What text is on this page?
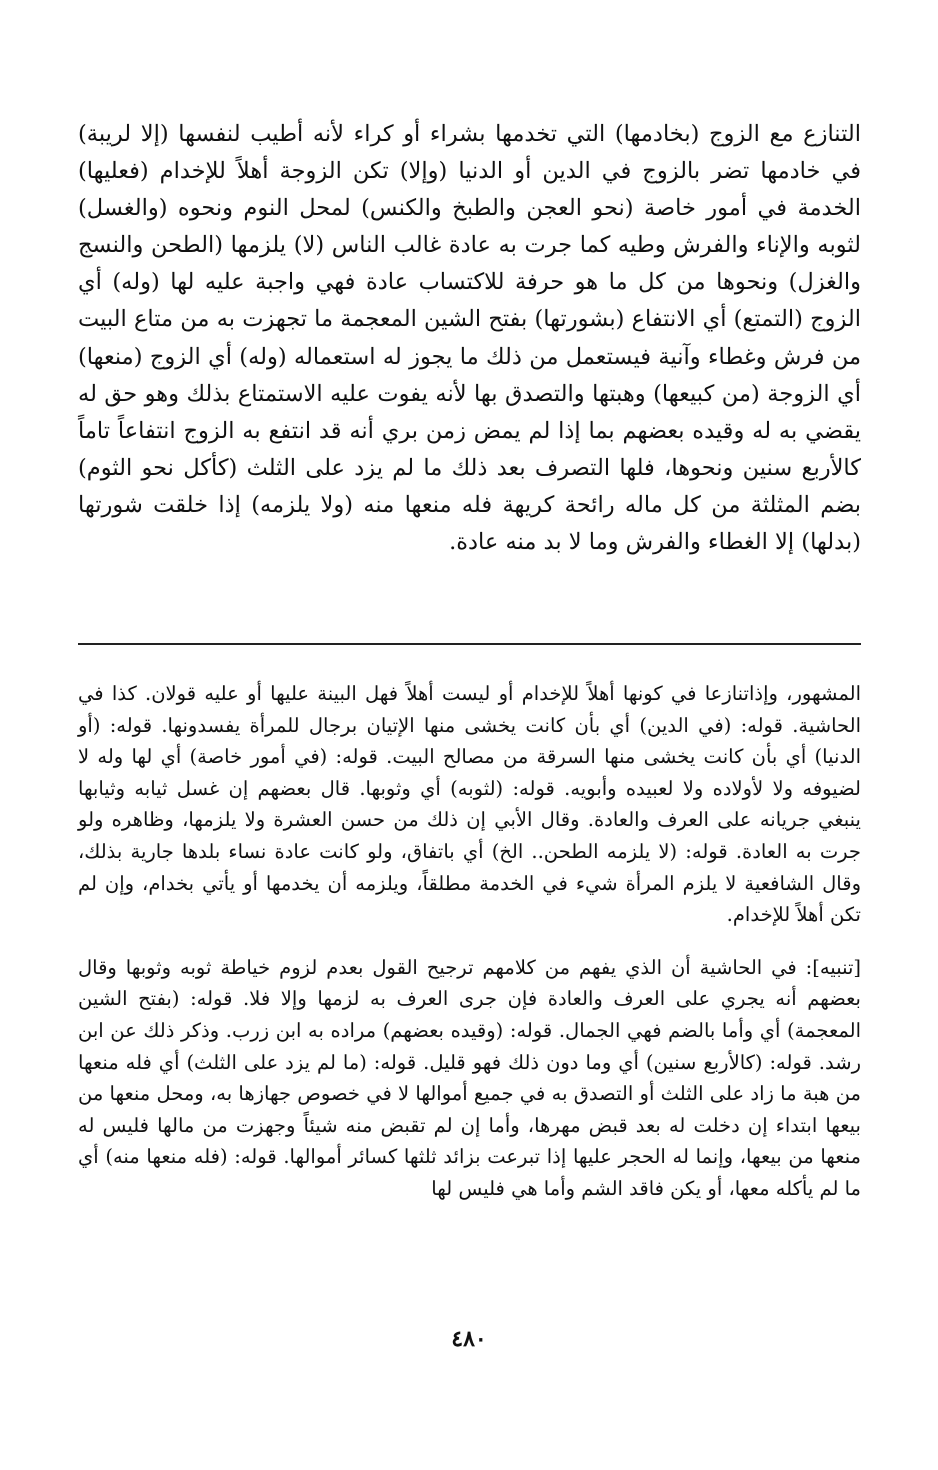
التنازع مع الزوج (بخادمها) التي تخدمها بشراء أو كراء لأنه أطيب لنفسها (إلا لريبة) في خادمها تضر بالزوج في الدين أو الدنيا (وإلا) تكن الزوجة أهلاً للإخدام (فعليها) الخدمة في أمور خاصة (نحو العجن والطبخ والكنس) لمحل النوم ونحوه (والغسل) لثوبه والإناء والفرش وطيه كما جرت به عادة غالب الناس (لا) يلزمها (الطحن والنسج والغزل) ونحوها من كل ما هو حرفة للاكتساب عادة فهي واجبة عليه لها (وله) أي الزوج (التمتع) أي الانتفاع (بشورتها) بفتح الشين المعجمة ما تجهزت به من متاع البيت من فرش وغطاء وآنية فيستعمل من ذلك ما يجوز له استعماله (وله) أي الزوج (منعها) أي الزوجة (من كبيعها) وهبتها والتصدق بها لأنه يفوت عليه الاستمتاع بذلك وهو حق له يقضي به له وقيده بعضهم بما إذا لم يمض زمن بري أنه قد انتفع به الزوج انتفاعاً تاماً كالأربع سنين ونحوها، فلها التصرف بعد ذلك ما لم يزد على الثلث (كأكل نحو الثوم) بضم المثلثة من كل ماله رائحة كريهة فله منعها منه (ولا يلزمه) إذا خلقت شورتها (بدلها) إلا الغطاء والفرش وما لا بد منه عادة.

المشهور، وإذاتنازعا في كونها أهلاً للإخدام أو ليست أهلاً فهل البينة عليها أو عليه قولان. كذا في الحاشية. قوله: (في الدين) أي بأن كانت يخشى منها الإتيان برجال للمرأة يفسدونها. قوله: (أو الدنيا) أي بأن كانت يخشى منها السرقة من مصالح البيت. قوله: (في أمور خاصة) أي لها وله لا لضيوفه ولا لأولاده ولا لعبيده وأبويه. قوله: (لثوبه) أي وثوبها. قال بعضهم إن غسل ثيابه وثيابها ينبغي جريانه على العرف والعادة. وقال الأبي إن ذلك من حسن العشرة ولا يلزمها، وظاهره ولو جرت به العادة. قوله: (لا يلزمه الطحن.. الخ) أي باتفاق، ولو كانت عادة نساء بلدها جارية بذلك، وقال الشافعية لا يلزم المرأة شيء في الخدمة مطلقاً، ويلزمه أن يخدمها أو يأتي بخدام، وإن لم تكن أهلاً للإخدام.

[تنبيه]: في الحاشية أن الذي يفهم من كلامهم ترجيح القول بعدم لزوم خياطة ثوبه وثوبها وقال بعضهم أنه يجري على العرف والعادة فإن جرى العرف به لزمها وإلا فلا. قوله: (بفتح الشين المعجمة) أي وأما بالضم فهي الجمال. قوله: (وقيده بعضهم) مراده به ابن زرب. وذكر ذلك عن ابن رشد. قوله: (كالأربع سنين) أي وما دون ذلك فهو قليل. قوله: (ما لم يزد على الثلث) أي فله منعها من هبة ما زاد على الثلث أو التصدق به في جميع أموالها لا في خصوص جهازها به، ومحل منعها من بيعها ابتداء إن دخلت له بعد قبض مهرها، وأما إن لم تقبض منه شيئاً وجهزت من مالها فليس له منعها من بيعها، وإنما له الحجر عليها إذا تبرعت بزائد ثلثها كسائر أموالها. قوله: (فله منعها منه) أي ما لم يأكله معها، أو يكن فاقد الشم وأما هي فليس لها

٤٨٠
